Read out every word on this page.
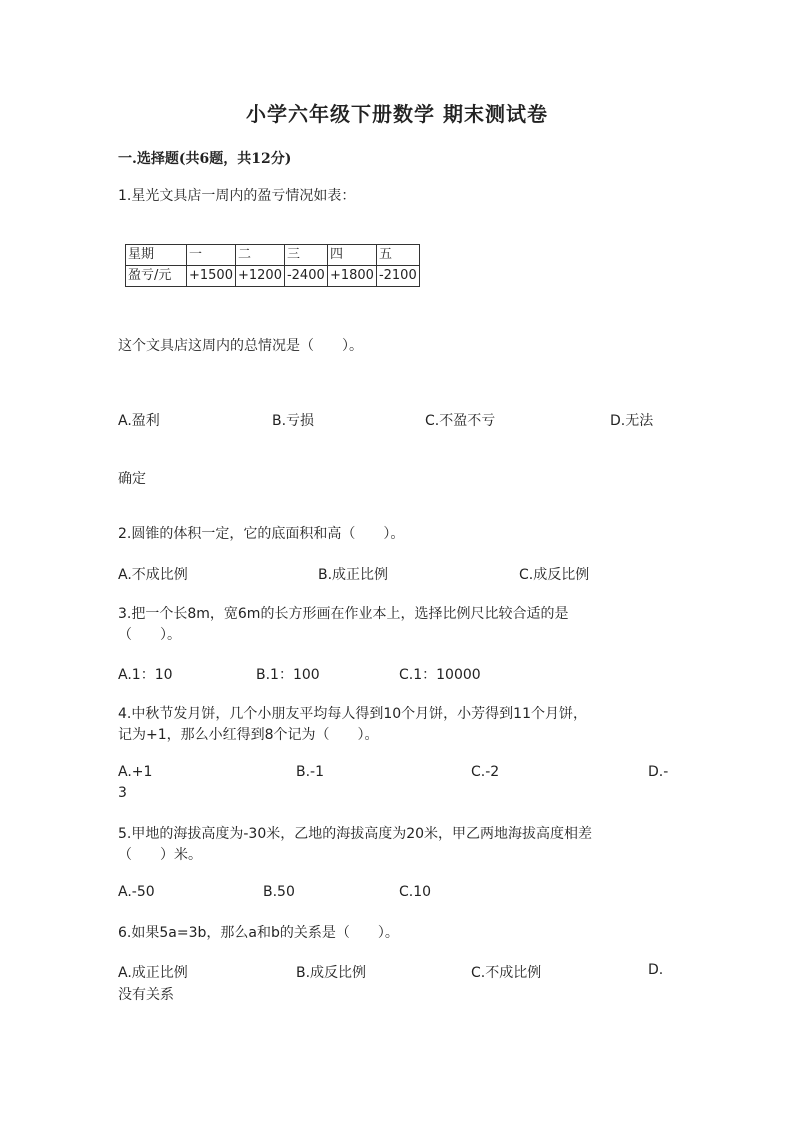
小学六年级下册数学 期末测试卷
一.选择题(共6题，共12分)
1.星光文具店一周内的盈亏情况如表：
星期	一	二	三	四	五
盈亏/元	+1500	+1200	-2400	+1800	-2100
这个文具店这周内的总情况是（　　）。
A.盈利	B.亏损	C.不盈不亏	D.无法
确定
2.圆锥的体积一定，它的底面积和高（　　）。
A.不成比例	B.成正比例	C.成反比例
3.把一个长8m，宽6m的长方形画在作业本上，选择比例尺比较合适的是
（　　）。
A.1：10	B.1：100	C.1：10000
4.中秋节发月饼，几个小朋友平均每人得到10个月饼，小芳得到11个月饼，
记为+1，那么小红得到8个记为（　　）。
A.+1	B.-1	C.-2	D.-
3
5.甲地的海拔高度为-30米，乙地的海拔高度为20米，甲乙两地海拔高度相差
（　　）米。
A.-50	B.50	C.10
6.如果5a=3b，那么a和b的关系是（　　）。
A.成正比例	B.成反比例	C.不成比例	D.
没有关系
